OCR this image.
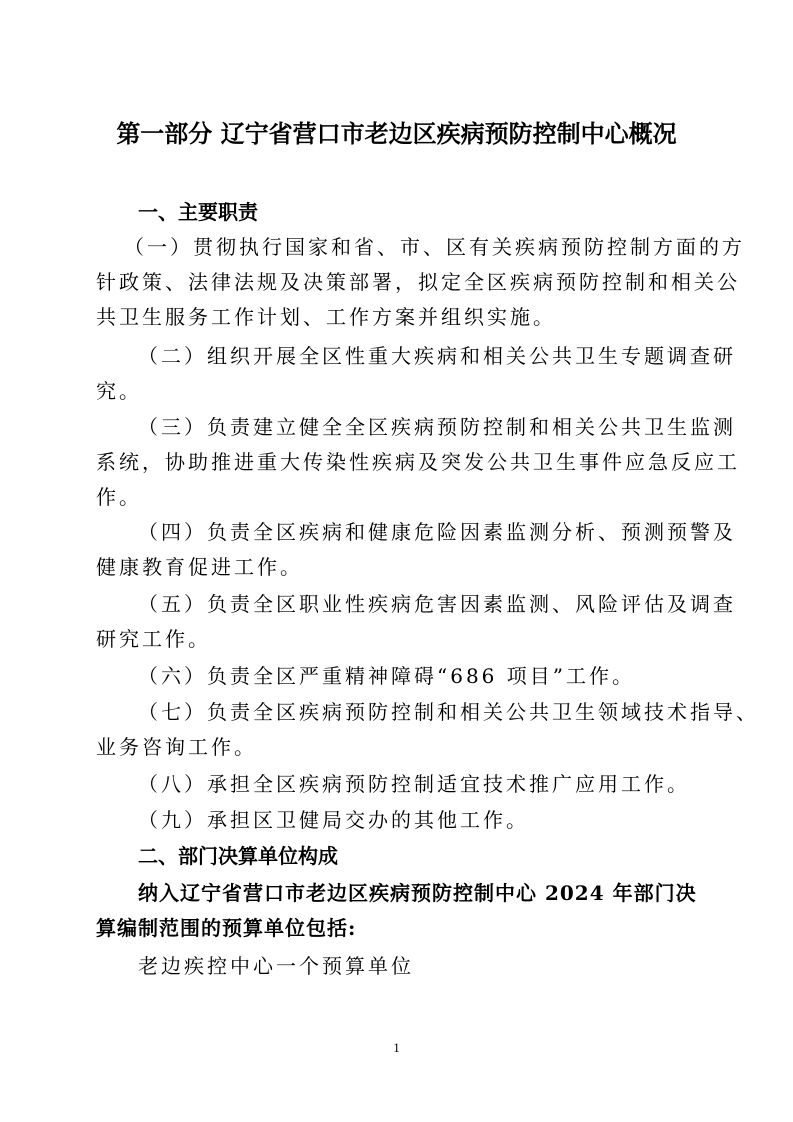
第一部分 辽宁省营口市老边区疾病预防控制中心概况
一、主要职责
（一）贯彻执行国家和省、市、区有关疾病预防控制方面的方
针政策、法律法规及决策部署，拟定全区疾病预防控制和相关公
共卫生服务工作计划、工作方案并组织实施。
（二）组织开展全区性重大疾病和相关公共卫生专题调查研
究。
（三）负责建立健全全区疾病预防控制和相关公共卫生监测
系统，协助推进重大传染性疾病及突发公共卫生事件应急反应工
作。
（四）负责全区疾病和健康危险因素监测分析、预测预警及
健康教育促进工作。
（五）负责全区职业性疾病危害因素监测、风险评估及调查
研究工作。
（六）负责全区严重精神障碍“686 项目”工作。
（七）负责全区疾病预防控制和相关公共卫生领域技术指导、
业务咨询工作。
（八）承担全区疾病预防控制适宜技术推广应用工作。
（九）承担区卫健局交办的其他工作。
二、部门决算单位构成
纳入辽宁省营口市老边区疾病预防控制中心 2024 年部门决
算编制范围的预算单位包括:
老边疾控中心一个预算单位
1
